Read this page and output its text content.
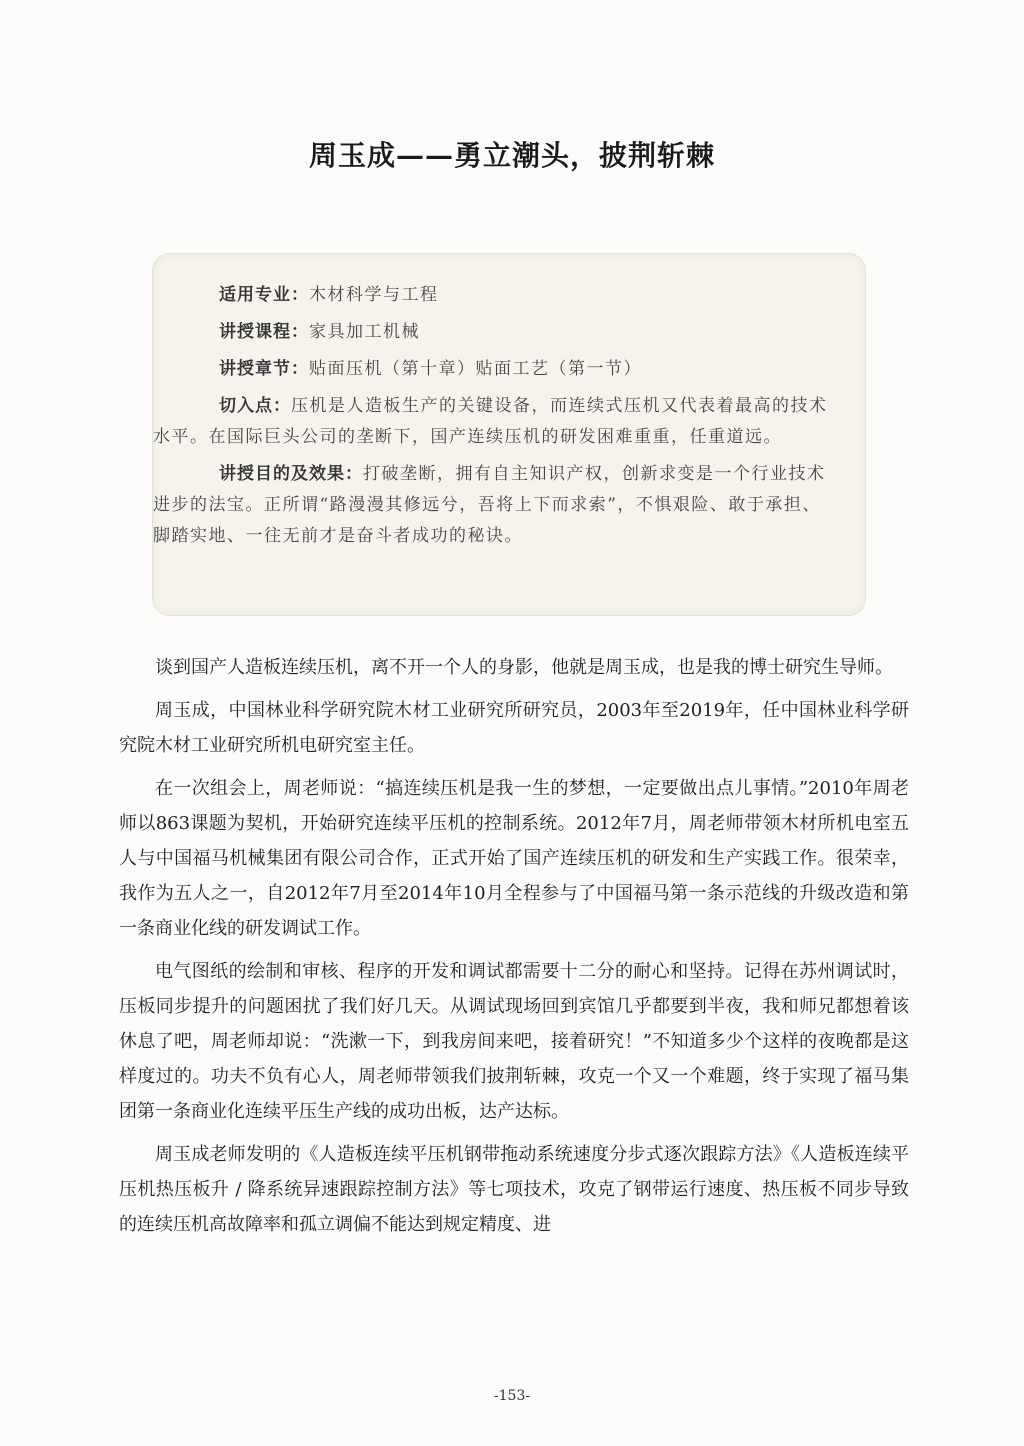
周玉成——勇立潮头，披荆斩棘
适用专业：木材科学与工程
讲授课程：家具加工机械
讲授章节：贴面压机（第十章）贴面工艺（第一节）
切入点：压机是人造板生产的关键设备，而连续式压机又代表着最高的技术水平。在国际巨头公司的垄断下，国产连续压机的研发困难重重，任重道远。
讲授目的及效果：打破垄断，拥有自主知识产权，创新求变是一个行业技术进步的法宝。正所谓“路漫漫其修远兮，吾将上下而求索”，不惧艰险、敢于承担、脚踏实地、一往无前才是奋斗者成功的秘诀。

谈到国产人造板连续压机，离不开一个人的身影，他就是周玉成，也是我的博士研究生导师。

周玉成，中国林业科学研究院木材工业研究所研究员，2003年至2019年，任中国林业科学研究院木材工业研究所机电研究室主任。

在一次组会上，周老师说：“搞连续压机是我一生的梦想，一定要做出点儿事情。”2010年周老师以863课题为契机，开始研究连续平压机的控制系统。2012年7月，周老师带领木材所机电室五人与中国福马机械集团有限公司合作，正式开始了国产连续压机的研发和生产实践工作。很荣幸，我作为五人之一，自2012年7月至2014年10月全程参与了中国福马第一条示范线的升级改造和第一条商业化线的研发调试工作。

电气图纸的绘制和审核、程序的开发和调试都需要十二分的耐心和坚持。记得在苏州调试时，压板同步提升的问题困扰了我们好几天。从调试现场回到宾馆几乎都要到半夜，我和师兄都想着该休息了吧，周老师却说：“洗漱一下，到我房间来吧，接着研究！”不知道多少个这样的夜晚都是这样度过的。功夫不负有心人，周老师带领我们披荆斩棘，攻克一个又一个难题，终于实现了福马集团第一条商业化连续平压生产线的成功出板，达产达标。

周玉成老师发明的《人造板连续平压机钢带拖动系统速度分步式逐次跟踪方法》《人造板连续平压机热压板升 / 降系统异速跟踪控制方法》等七项技术，攻克了钢带运行速度、热压板不同步导致的连续压机高故障率和孤立调偏不能达到规定精度、进

-153-
